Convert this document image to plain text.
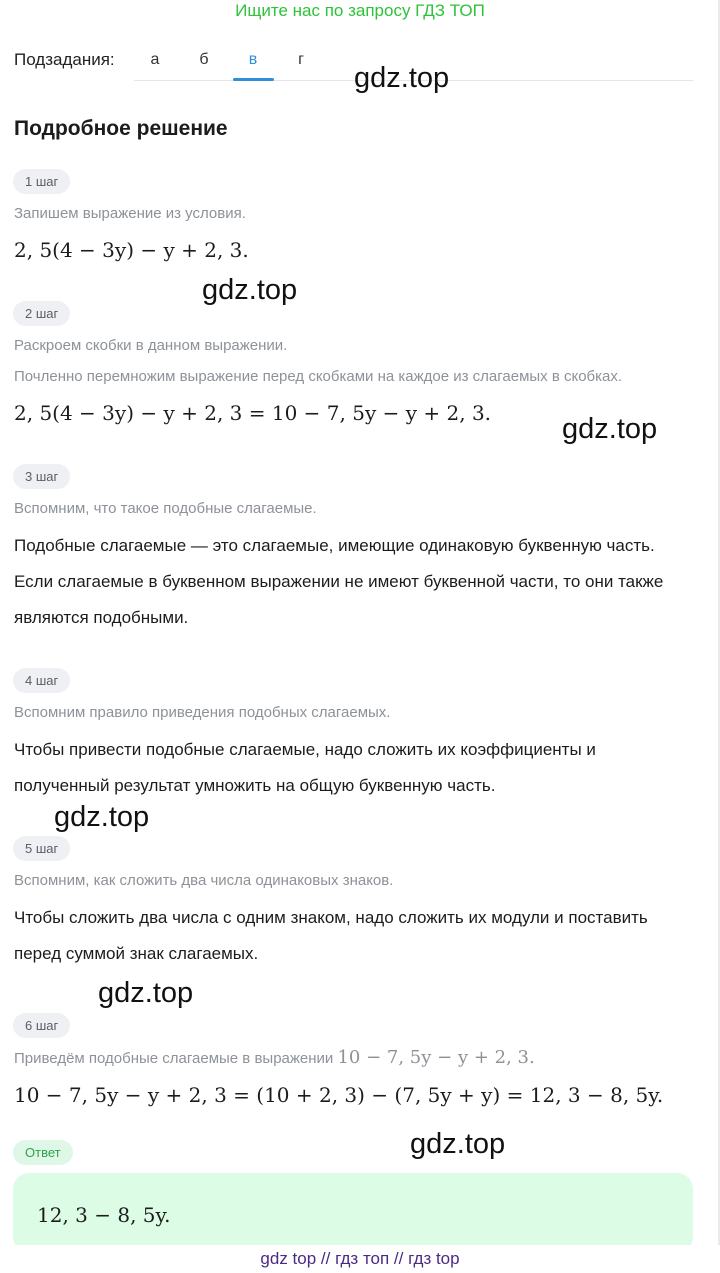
Ищите нас по запросу ГДЗ ТОП
Подзадания:	а	б	в	г
gdz.top
Подробное решение
1 шаг
Запишем выражение из условия.
2, 5(4 − 3y) − y + 2, 3.
gdz.top
2 шаг
Раскроем скобки в данном выражении.
Почленно перемножим выражение перед скобками на каждое из слагаемых в скобках.
2, 5(4 − 3y) − y + 2, 3 = 10 − 7, 5y − y + 2, 3. gdz.top
3 шаг
Вспомним, что такое подобные слагаемые.
Подобные слагаемые — это слагаемые, имеющие одинаковую буквенную часть. Если слагаемые в буквенном выражении не имеют буквенной части, то они также являются подобными.
4 шаг
Вспомним правило приведения подобных слагаемых.
Чтобы привести подобные слагаемые, надо сложить их коэффициенты и полученный результат умножить на общую буквенную часть.
gdz.top
5 шаг
Вспомним, как сложить два числа одинаковых знаков.
Чтобы сложить два числа с одним знаком, надо сложить их модули и поставить перед суммой знак слагаемых.
gdz.top
6 шаг
Приведём подобные слагаемые в выражении 10 − 7, 5y − y + 2, 3.
10 − 7, 5y − y + 2, 3 = (10 + 2, 3) − (7, 5y + y) = 12, 3 − 8, 5y.
gdz.top
Ответ
12, 3 − 8, 5y.
gdz top // гдз топ // гдз top
